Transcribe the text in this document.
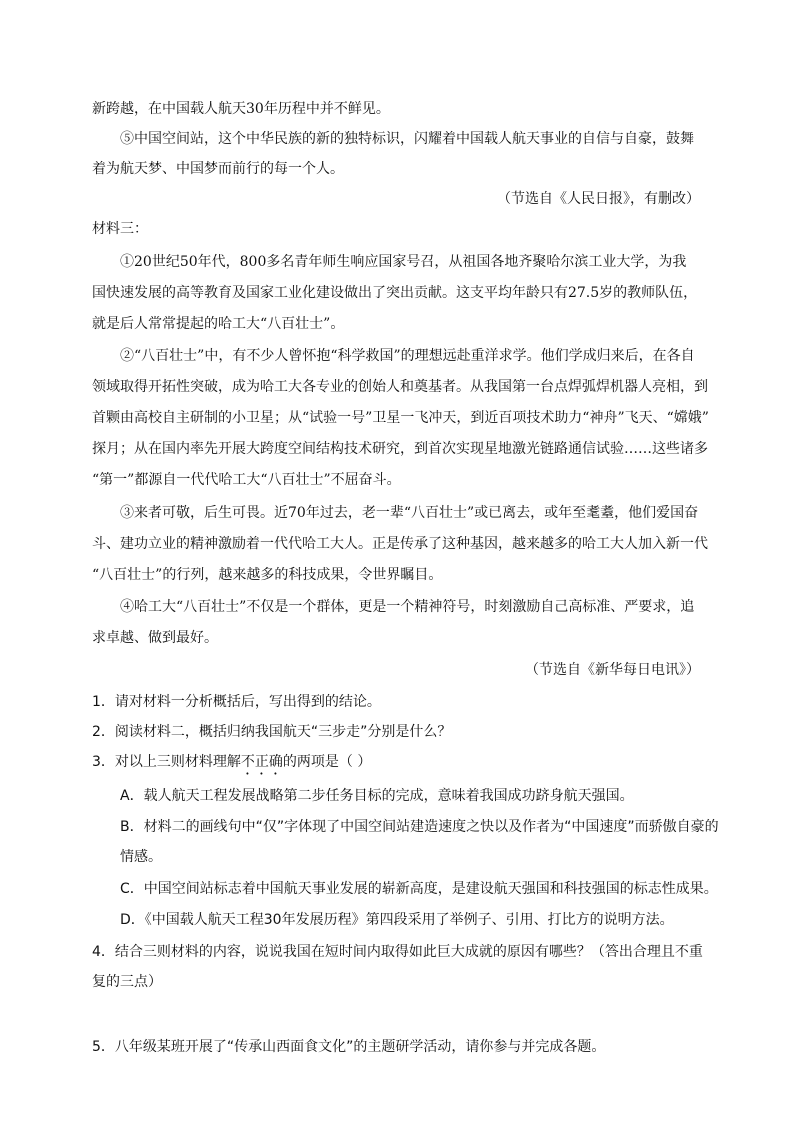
新跨越，在中国载人航天30年历程中并不鲜见。
⑤中国空间站，这个中华民族的新的独特标识，闪耀着中国载人航天事业的自信与自豪，鼓舞
着为航天梦、中国梦而前行的每一个人。
（节选自《人民日报》，有删改）
材料三：
①20世纪50年代，800多名青年师生响应国家号召，从祖国各地齐聚哈尔滨工业大学，为我
国快速发展的高等教育及国家工业化建设做出了突出贡献。这支平均年龄只有27.5岁的教师队伍，
就是后人常常提起的哈工大“八百壮士”。
②“八百壮士”中，有不少人曾怀抱“科学救国”的理想远赴重洋求学。他们学成归来后，在各自
领域取得开拓性突破，成为哈工大各专业的创始人和奠基者。从我国第一台点焊弧焊机器人亮相，到
首颗由高校自主研制的小卫星；从“试验一号”卫星一飞冲天，到近百项技术助力“神舟”飞天、“嫦娥”
探月；从在国内率先开展大跨度空间结构技术研究，到首次实现星地激光链路通信试验……这些诸多
“第一”都源自一代代哈工大“八百壮士”不屈奋斗。
③来者可敬，后生可畏。近70年过去，老一辈“八百壮士”或已离去，或年至耄耋，他们爱国奋
斗、建功立业的精神激励着一代代哈工大人。正是传承了这种基因，越来越多的哈工大人加入新一代
“八百壮士”的行列，越来越多的科技成果，令世界瞩目。
④哈工大“八百壮士”不仅是一个群体，更是一个精神符号，时刻激励自己高标准、严要求，追
求卓越、做到最好。
（节选自《新华每日电讯》）
1．请对材料一分析概括后，写出得到的结论。
2．阅读材料二，概括归纳我国航天“三步走”分别是什么？
3．对以上三则材料理解不正确的两项是（ ）
A．载人航天工程发展战略第二步任务目标的完成，意味着我国成功跻身航天强国。
B．材料二的画线句中“仅”字体现了中国空间站建造速度之快以及作者为“中国速度”而骄傲自豪的
情感。
C．中国空间站标志着中国航天事业发展的崭新高度，是建设航天强国和科技强国的标志性成果。
D．《中国载人航天工程30年发展历程》第四段采用了举例子、引用、打比方的说明方法。
4．结合三则材料的内容，说说我国在短时间内取得如此巨大成就的原因有哪些？（答出合理且不重
复的三点）
5．八年级某班开展了“传承山西面食文化”的主题研学活动，请你参与并完成各题。
